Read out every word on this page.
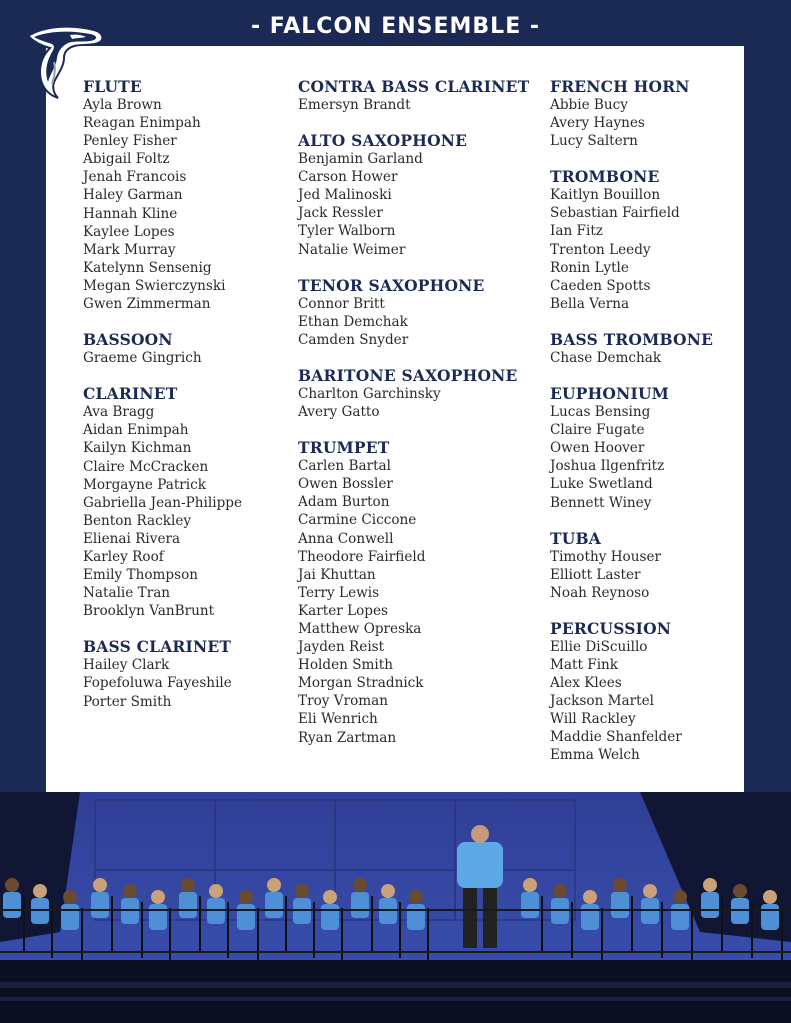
- FALCON ENSEMBLE -
FLUTE
Ayla Brown
Reagan Enimpah
Penley Fisher
Abigail Foltz
Jenah Francois
Haley Garman
Hannah Kline
Kaylee Lopes
Mark Murray
Katelynn Sensenig
Megan Swierczynski
Gwen Zimmerman
BASSOON
Graeme Gingrich
CLARINET
Ava Bragg
Aidan Enimpah
Kailyn Kichman
Claire McCracken
Morgayne Patrick
Gabriella Jean-Philippe
Benton Rackley
Elienai Rivera
Karley Roof
Emily Thompson
Natalie Tran
Brooklyn VanBrunt
BASS CLARINET
Hailey Clark
Fopefoluwa Fayeshile
Porter Smith
CONTRA BASS CLARINET
Emersyn Brandt
ALTO SAXOPHONE
Benjamin Garland
Carson Hower
Jed Malinoski
Jack Ressler
Tyler Walborn
Natalie Weimer
TENOR SAXOPHONE
Connor Britt
Ethan Demchak
Camden Snyder
BARITONE SAXOPHONE
Charlton Garchinsky
Avery Gatto
TRUMPET
Carlen Bartal
Owen Bossler
Adam Burton
Carmine Ciccone
Anna Conwell
Theodore Fairfield
Jai Khuttan
Terry Lewis
Karter Lopes
Matthew Opreska
Jayden Reist
Holden Smith
Morgan Stradnick
Troy Vroman
Eli Wenrich
Ryan Zartman
FRENCH HORN
Abbie Bucy
Avery Haynes
Lucy Saltern
TROMBONE
Kaitlyn Bouillon
Sebastian Fairfield
Ian Fitz
Trenton Leedy
Ronin Lytle
Caeden Spotts
Bella Verna
BASS TROMBONE
Chase Demchak
EUPHONIUM
Lucas Bensing
Claire Fugate
Owen Hoover
Joshua Ilgenfritz
Luke Swetland
Bennett Winey
TUBA
Timothy Houser
Elliott Laster
Noah Reynoso
PERCUSSION
Ellie DiScuillo
Matt Fink
Alex Klees
Jackson Martel
Will Rackley
Maddie Shanfelder
Emma Welch
